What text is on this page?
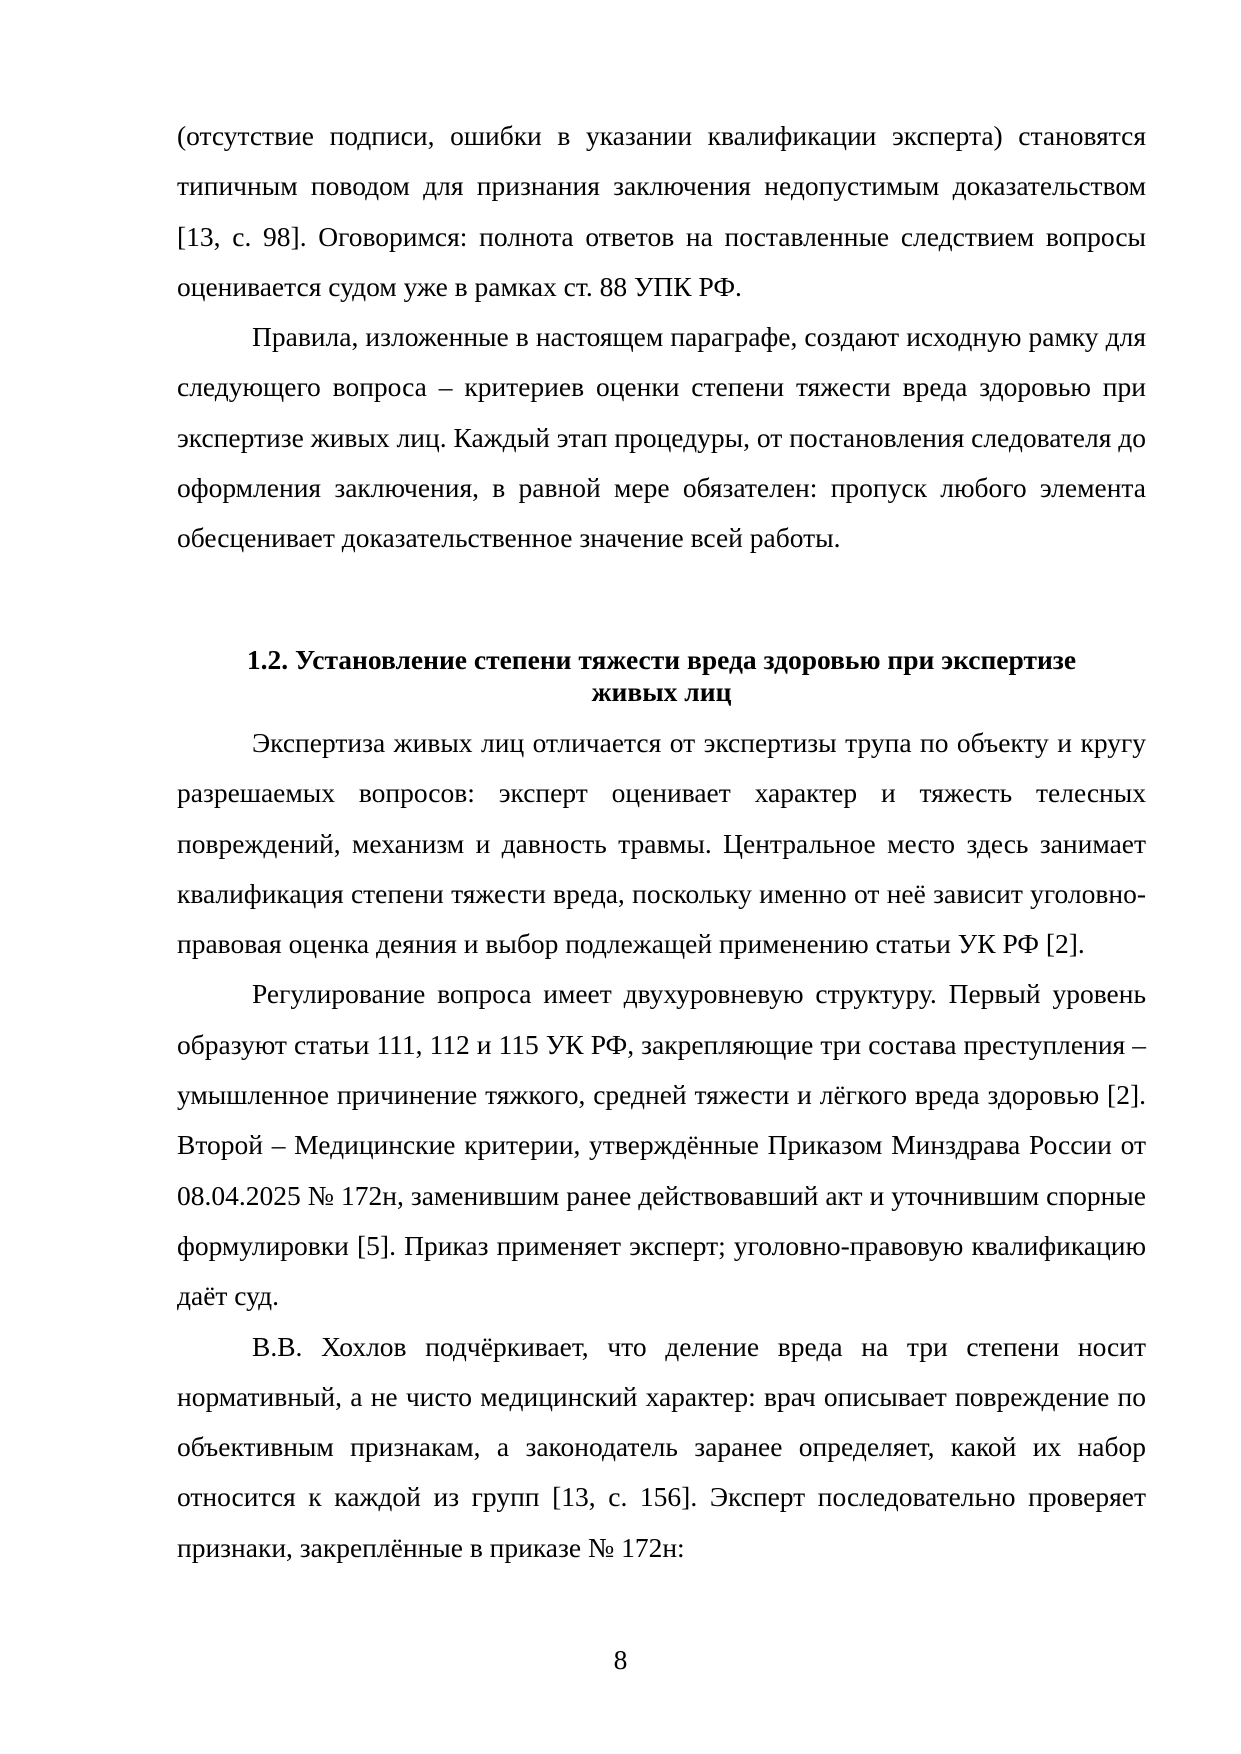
(отсутствие подписи, ошибки в указании квалификации эксперта) становятся типичным поводом для признания заключения недопустимым доказательством [13, с. 98]. Оговоримся: полнота ответов на поставленные следствием вопросы оценивается судом уже в рамках ст. 88 УПК РФ.

Правила, изложенные в настоящем параграфе, создают исходную рамку для следующего вопроса – критериев оценки степени тяжести вреда здоровью при экспертизе живых лиц. Каждый этап процедуры, от постановления следователя до оформления заключения, в равной мере обязателен: пропуск любого элемента обесценивает доказательственное значение всей работы.

1.2. Установление степени тяжести вреда здоровью при экспертизе
живых лиц

Экспертиза живых лиц отличается от экспертизы трупа по объекту и кругу разрешаемых вопросов: эксперт оценивает характер и тяжесть телесных повреждений, механизм и давность травмы. Центральное место здесь занимает квалификация степени тяжести вреда, поскольку именно от неё зависит уголовно-правовая оценка деяния и выбор подлежащей применению статьи УК РФ [2].

Регулирование вопроса имеет двухуровневую структуру. Первый уровень образуют статьи 111, 112 и 115 УК РФ, закрепляющие три состава преступления – умышленное причинение тяжкого, средней тяжести и лёгкого вреда здоровью [2]. Второй – Медицинские критерии, утверждённые Приказом Минздрава России от 08.04.2025 № 172н, заменившим ранее действовавший акт и уточнившим спорные формулировки [5]. Приказ применяет эксперт; уголовно-правовую квалификацию даёт суд.

В.В. Хохлов подчёркивает, что деление вреда на три степени носит нормативный, а не чисто медицинский характер: врач описывает повреждение по объективным признакам, а законодатель заранее определяет, какой их набор относится к каждой из групп [13, с. 156]. Эксперт последовательно проверяет признаки, закреплённые в приказе № 172н:

8
